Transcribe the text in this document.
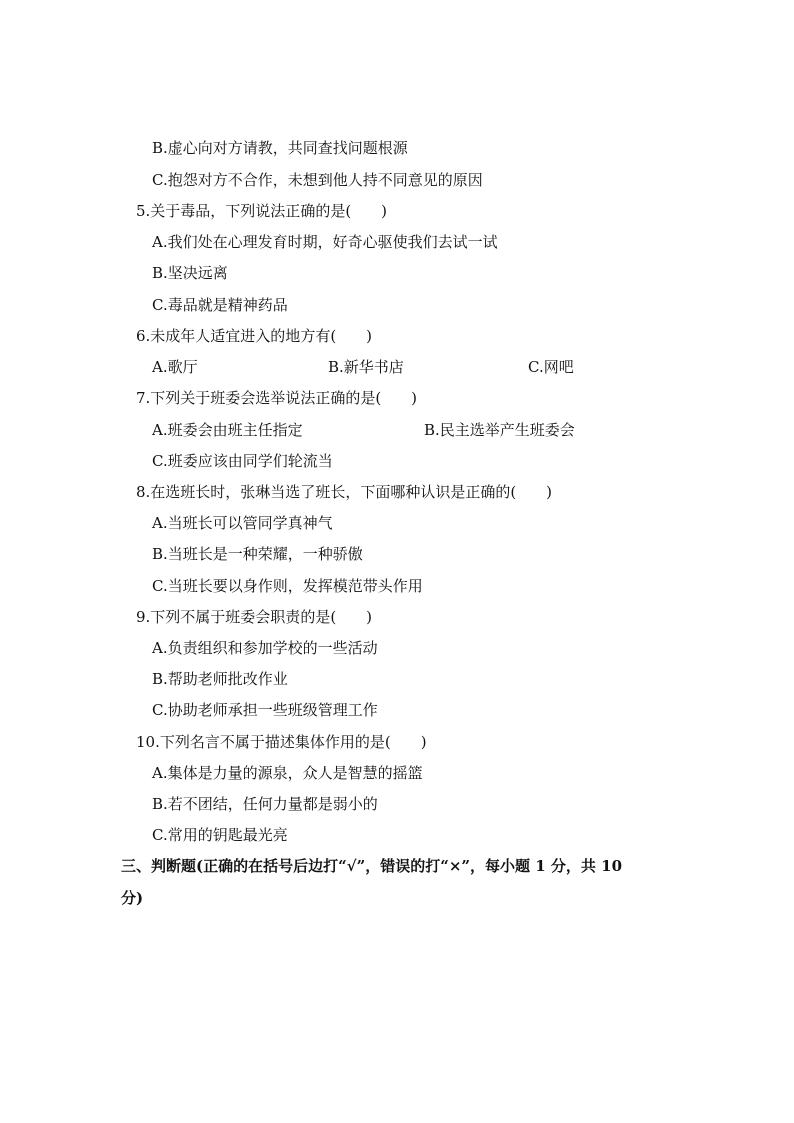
B.虚心向对方请教，共同查找问题根源
C.抱怨对方不合作，未想到他人持不同意见的原因
5.关于毒品，下列说法正确的是(　　)
A.我们处在心理发育时期，好奇心驱使我们去试一试
B.坚决远离
C.毒品就是精神药品
6.未成年人适宜进入的地方有(　　)
A.歌厅	B.新华书店	C.网吧
7.下列关于班委会选举说法正确的是(　　)
A.班委会由班主任指定	B.民主选举产生班委会
C.班委应该由同学们轮流当
8.在选班长时，张琳当选了班长，下面哪种认识是正确的(　　)
A.当班长可以管同学真神气
B.当班长是一种荣耀，一种骄傲
C.当班长要以身作则，发挥模范带头作用
9.下列不属于班委会职责的是(　　)
A.负责组织和参加学校的一些活动
B.帮助老师批改作业
C.协助老师承担一些班级管理工作
10.下列名言不属于描述集体作用的是(　　)
A.集体是力量的源泉，众人是智慧的摇篮
B.若不团结，任何力量都是弱小的
C.常用的钥匙最光亮
三、判断题(正确的在括号后边打“√”，错误的打“×”，每小题 1 分，共 10
分)
